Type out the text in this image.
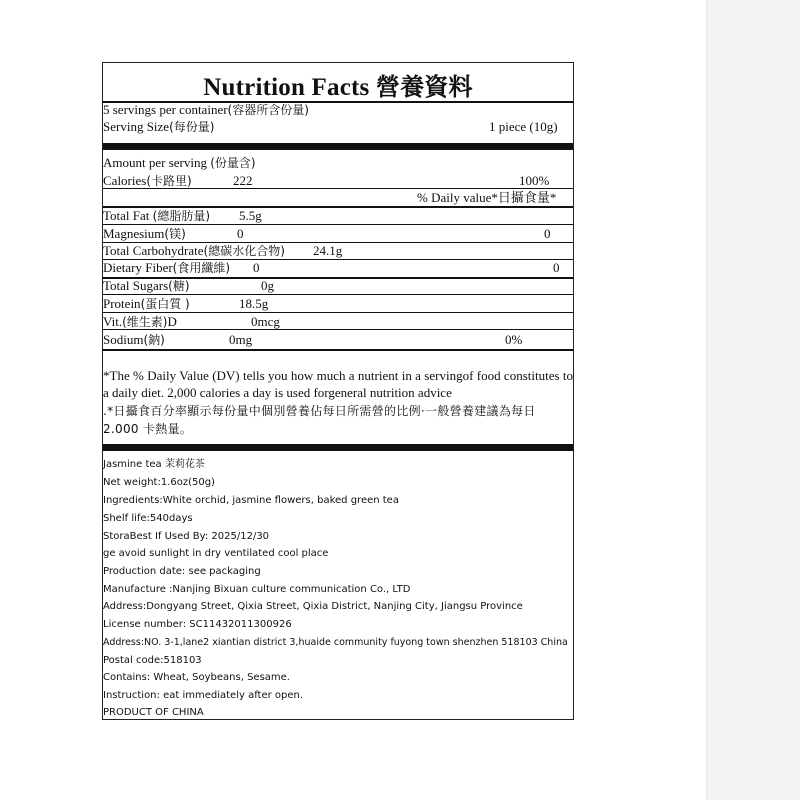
Nutrition Facts 營養資料
5 servings per container(容器所含份量)
Serving Size(每份量)	1 piece (10g)
Amount per serving (份量含)
Calories(卡路里)	222	100%
% Daily value*日攝食量*
Total Fat (總脂肪量) 5.5g
Magnesium(镁)	0	0
Total Carbohydrate(總碳水化合物) 24.1g
Dietary Fiber(食用纖維) 0	0
Total Sugars(糖)	0g
Protein(蛋白質 )	18.5g
Vit.(维生素)D	0mcg
Sodium(鈉)	0mg	0%
*The % Daily Value (DV) tells you how much a nutrient in a servingof food constitutes to a daily diet. 2,000 calories a day is used forgeneral nutrition advice
.*日攝食百分率顯示每份量中個別營養佔每日所需營的比例·一般營養建議為每日 2.000 卡熱量。
Jasmine tea 茉莉花茶
Net weight:1.6oz(50g)
Ingredients:White orchid, jasmine flowers, baked green tea
Shelf life:540days
StoraBest If Used By: 2025/12/30
ge avoid sunlight in dry ventilated cool place
Production date: see packaging
Manufacture :Nanjing Bixuan culture communication Co., LTD
Address:Dongyang Street, Qixia Street, Qixia District, Nanjing City, Jiangsu Province
License number: SC11432011300926
Address:NO. 3-1,lane2 xiantian district 3,huaide community fuyong town shenzhen 518103 China
Postal code:518103
Contains: Wheat, Soybeans, Sesame.
Instruction: eat immediately after open.
PRODUCT OF CHINA
